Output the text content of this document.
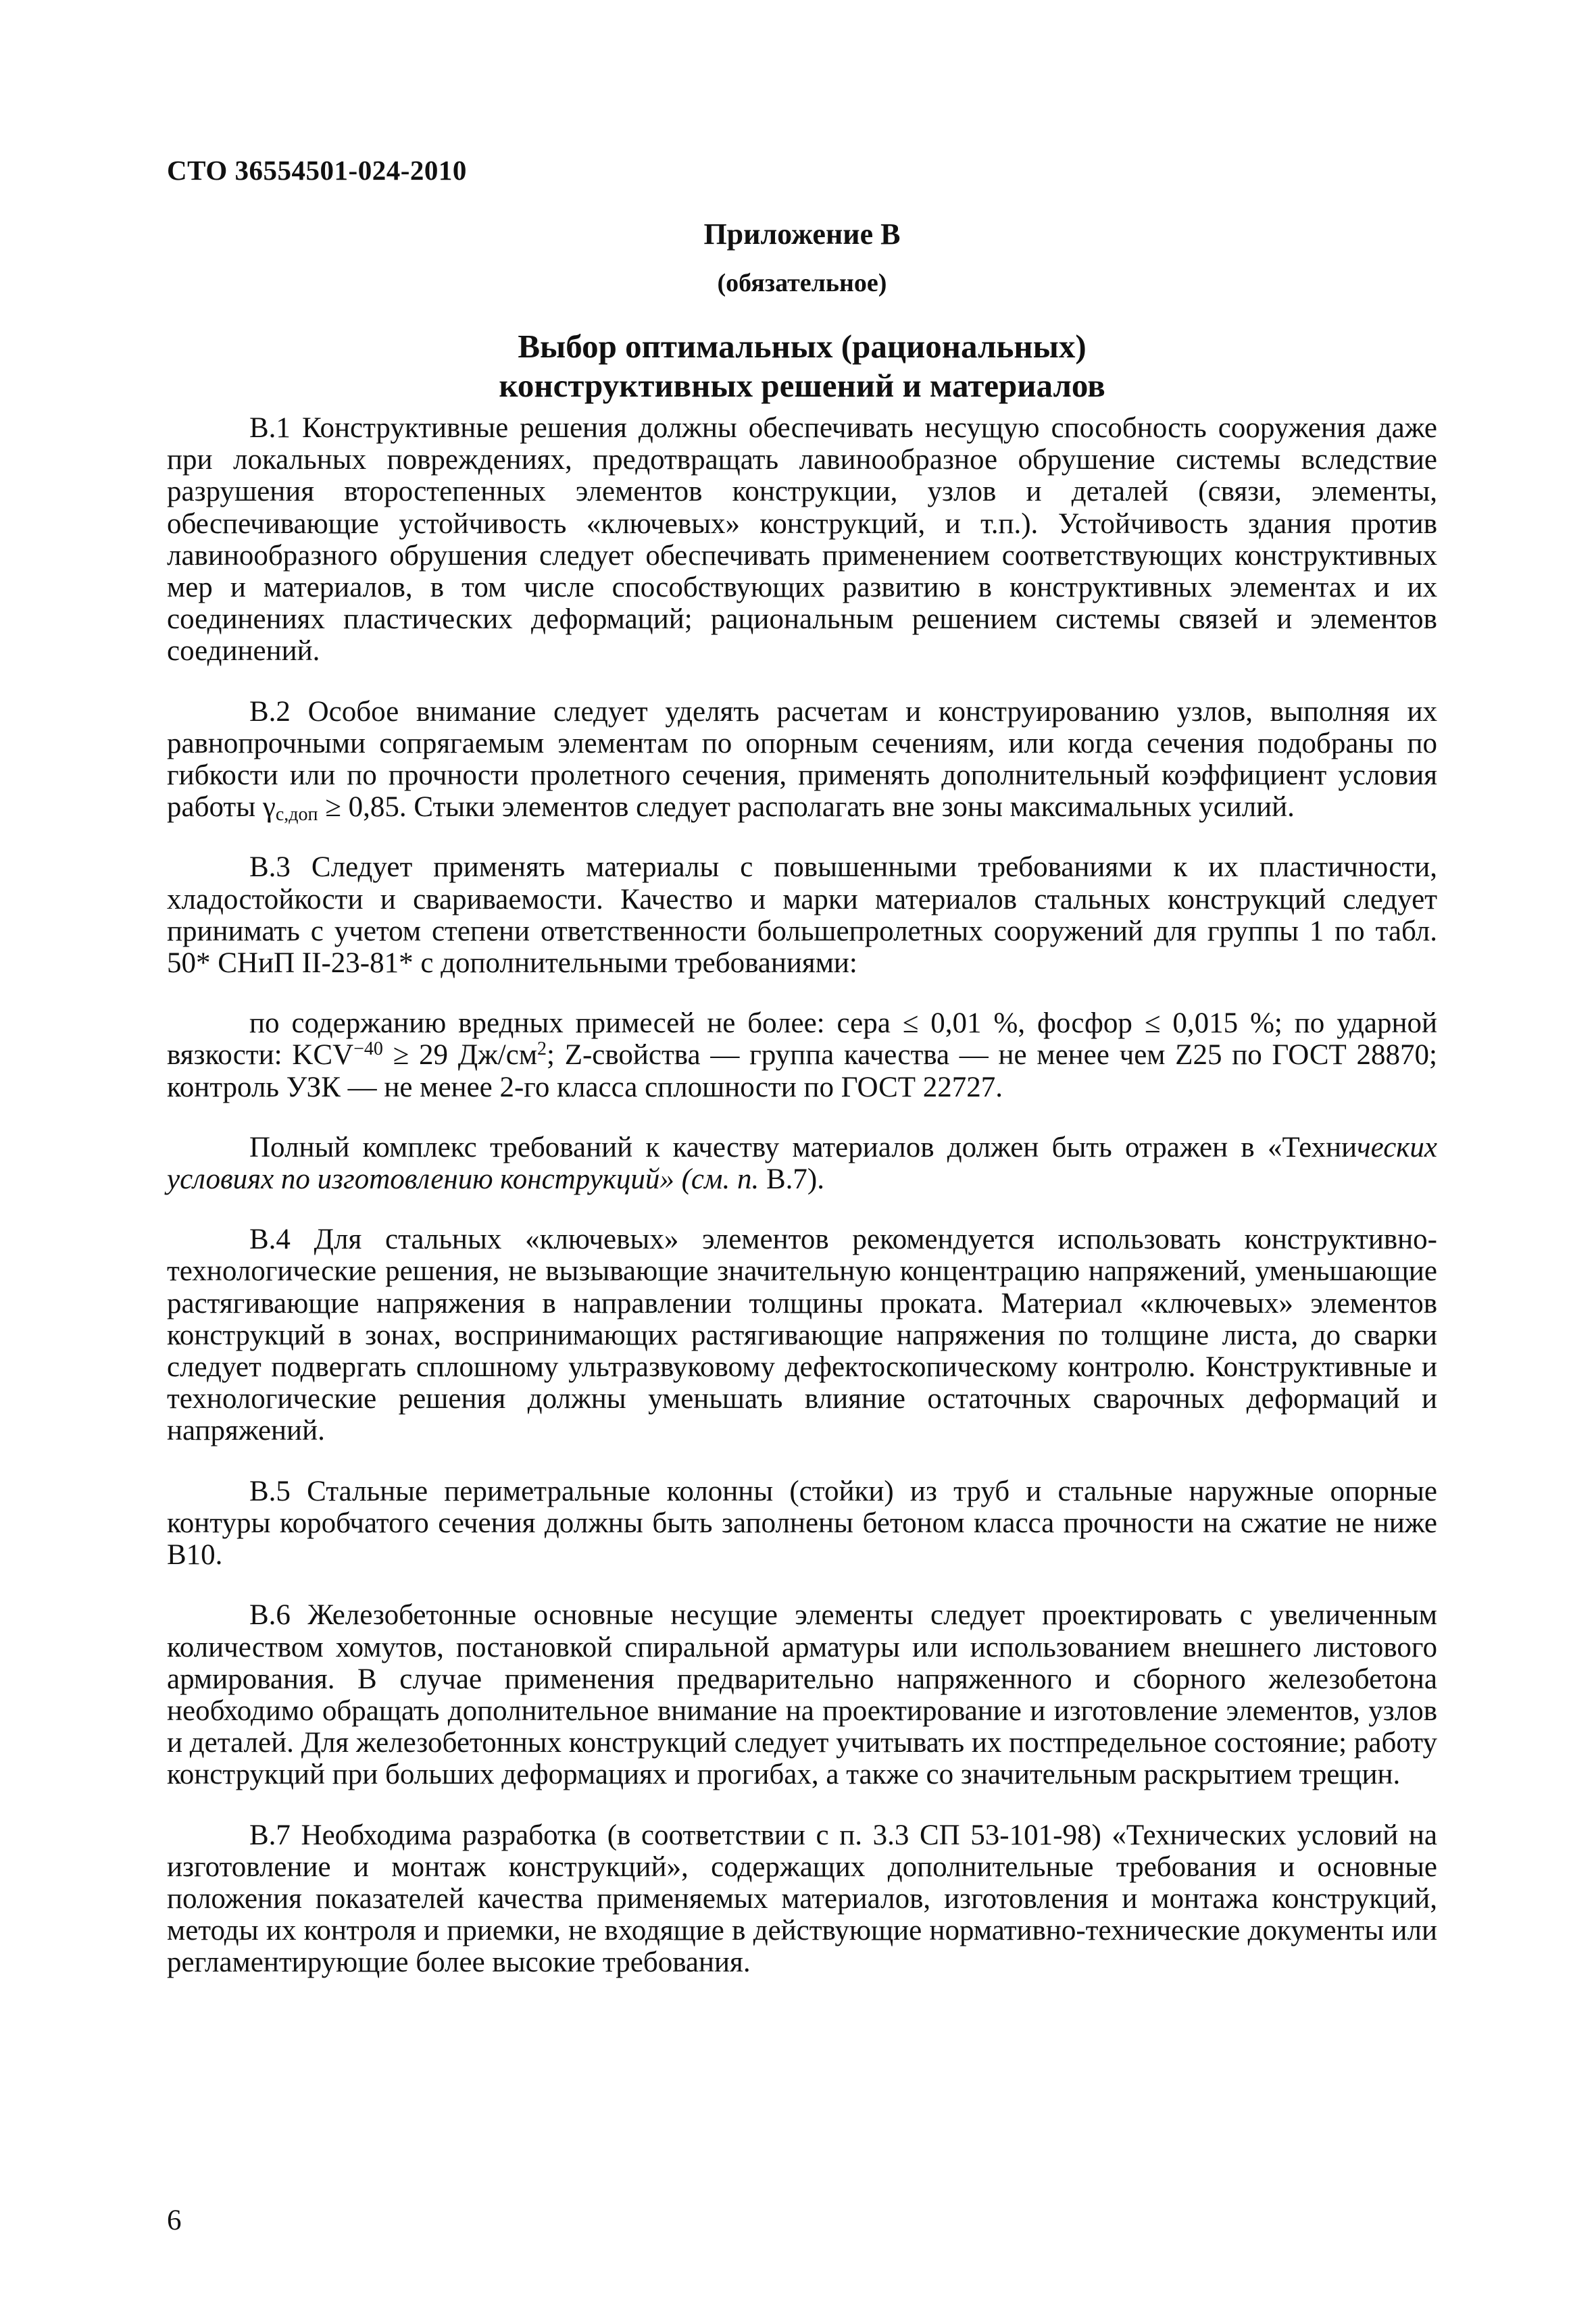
СТО 36554501-024-2010
Приложение В
(обязательное)
Выбор оптимальных (рациональных)
конструктивных решений и материалов

В.1 Конструктивные решения должны обеспечивать несущую способность сооружения даже при локальных повреждениях, предотвращать лавинообразное обрушение системы вследствие разрушения второстепенных элементов конструкции, узлов и деталей (связи, элементы, обеспечивающие устойчивость «ключевых» конструкций, и т.п.). Устойчивость здания против лавинообразного обрушения следует обеспечивать применением соответствующих конструктивных мер и материалов, в том числе способствующих развитию в конструктивных элементах и их соединениях пластических деформаций; рациональным решением системы связей и элементов соединений.

В.2 Особое внимание следует уделять расчетам и конструированию узлов, выполняя их равнопрочными сопрягаемым элементам по опорным сечениям, или когда сечения подобраны по гибкости или по прочности пролетного сечения, применять дополнительный коэффициент условия работы $\gamma_{с,доп} \ge 0,85$. Стыки элементов следует располагать вне зоны максимальных усилий.

В.3 Следует применять материалы с повышенными требованиями к их пластичности, хладостойкости и свариваемости. Качество и марки материалов стальных конструкций следует принимать с учетом степени ответственности большепролетных сооружений для группы 1 по табл. 50* СНиП II-23-81* с дополнительными требованиями:

по содержанию вредных примесей не более: сера ≤ 0,01 %, фосфор ≤ 0,015 %; по ударной вязкости: $KCV^{-40} \ge 29$ $Дж/см^2$; Z-свойства — группа качества — не менее чем Z25 по ГОСТ 28870; контроль УЗК — не менее 2-го класса сплошности по ГОСТ 22727.

Полный комплекс требований к качеству материалов должен быть отражен в «Технических условиях по изготовлению конструкций» (см. п. В.7).

В.4 Для стальных «ключевых» элементов рекомендуется использовать конструктивно-технологические решения, не вызывающие значительную концентрацию напряжений, уменьшающие растягивающие напряжения в направлении толщины проката. Материал «ключевых» элементов конструкций в зонах, воспринимающих растягивающие напряжения по толщине листа, до сварки следует подвергать сплошному ультразвуковому дефектоскопическому контролю. Конструктивные и технологические решения должны уменьшать влияние остаточных сварочных деформаций и напряжений.

В.5 Стальные периметральные колонны (стойки) из труб и стальные наружные опорные контуры коробчатого сечения должны быть заполнены бетоном класса прочности на сжатие не ниже В10.

В.6 Железобетонные основные несущие элементы следует проектировать с увеличенным количеством хомутов, постановкой спиральной арматуры или использованием внешнего листового армирования. В случае применения предварительно напряженного и сборного железобетона необходимо обращать дополнительное внимание на проектирование и изготовление элементов, узлов и деталей. Для железобетонных конструкций следует учитывать их постпредельное состояние; работу конструкций при больших деформациях и прогибах, а также со значительным раскрытием трещин.

В.7 Необходима разработка (в соответствии с п. 3.3 СП 53-101-98) «Технических условий на изготовление и монтаж конструкций», содержащих дополнительные требования и основные положения показателей качества применяемых материалов, изготовления и монтажа конструкций, методы их контроля и приемки, не входящие в действующие нормативно-технические документы или регламентирующие более высокие требования.

6
